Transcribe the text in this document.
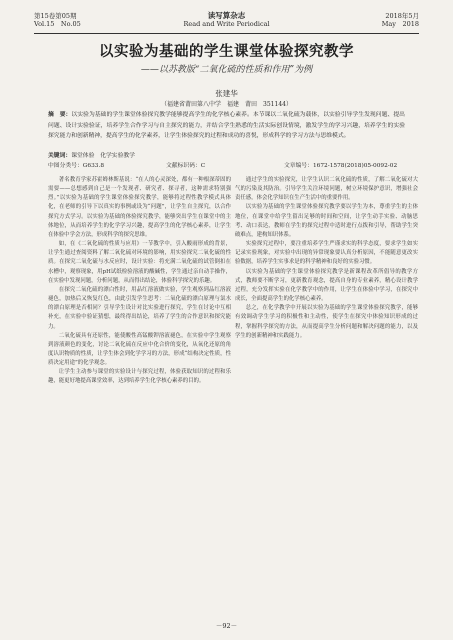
第15卷第05期
Vol.15　No.05
读写算杂志
Read and Write Periodical
2018年5月
May　2018
以实验为基础的学生课堂体验探究教学
——以苏教版“二氧化硫的性质和作用”为例
张建华
（福建省莆田第八中学　福建　莆田　351144）
摘　要：以实验为基础的学生课堂体验探究教学能够提高学生的化学核心素养。本节课以二氧化硫为载体，以实验引导学生发现问题、提出问题、设计实验验证，培养学生合作学习与自主探究的能力，并结合学生熟悉的生活实际创设情境，激发学生的学习兴趣，培养学生的实验探究能力和创新精神，提高学生的化学素养，让学生体验探究的过程和成功的喜悦，形成科学的学习方法与思维模式。
关键词：课堂体验　化学实验教学
中图分类号：G633.8	文献标识码：C	文章编号：1672-1578(2018)05-0092-02

著名教育学家苏霍姆林斯基说：“在人的心灵深处，都有一种根深蒂固的需要——总想感到自己是一个发现者、研究者、探寻者，这种需求特别强烈。”以实验为基础的学生课堂体验探究教学，能够将过程性教学模式具体化，在老师的引导下以真实的事例或设为“问题”，让学生自主探究，以合作探究方式学习。以实验为基础的体验探究教学，能够突出学生在课堂中的主体地位，从而培养学生的化学学习兴趣，提高学生的化学核心素养，让学生在体验中学会方法，形成科学的探究思维。

如，在《二氧化硫的性质与应用》一节教学中，引入酸雨形成的背景，让学生通过查阅资料了解二氧化硫对环境的影响，用实验探究二氧化硫的性质。在探究二氧化硫与水反应时，设计实验：将充满二氧化硫的试管倒扣在水槽中，观察现象，用pH试纸检验溶液的酸碱性，学生通过亲自动手操作，在实验中发现问题，分析问题，从而得出结论，体验科学探究的乐趣。

在探究二氧化硫的漂白性时，用品红溶液做实验，学生观察到品红溶液褪色，加热后又恢复红色，由此引发学生思考：二氧化硫的漂白原理与氯水的漂白原理是否相同？引导学生设计对比实验进行探究，学生在讨论中互相补充，在实验中验证猜想，最终得出结论，培养了学生的合作意识和探究能力。

二氧化硫具有还原性，能使酸性高锰酸钾溶液褪色，在实验中学生观察到溶液颜色的变化，讨论二氧化硫在反应中化合价的变化，从氧化还原的角度认识物质的性质，让学生体会到化学学习的方法，形成“结构决定性质，性质决定用途”的化学观念。

让学生主动参与课堂的实验设计与探究过程，体验获取知识的过程和乐趣，能更好地提高课堂效率，达到培养学生化学核心素养的目的。

通过学生的实验探究，让学生认识二氧化硫的性质，了解二氧化硫对大气的污染及其防治。引导学生关注环境问题，树立环境保护意识，增强社会责任感，体会化学知识在生产生活中的重要作用。

以实验为基础的学生课堂体验探究教学要以学生为本，尊重学生的主体地位，在课堂中给学生留出足够的时间和空间，让学生动手实验、动脑思考、动口表达，教师在学生的探究过程中适时进行点拨和引导，帮助学生突破难点，建构知识体系。

实验探究过程中，要注重培养学生严谨求实的科学态度，要求学生如实记录实验现象，对实验中出现的异常现象要认真分析原因，不能随意更改实验数据，培养学生实事求是的科学精神和良好的实验习惯。

以实验为基础的学生课堂体验探究教学是新课程改革所倡导的教学方式，教师要不断学习，更新教育观念，提高自身的专业素养，精心设计教学过程，充分发挥实验在化学教学中的作用，让学生在体验中学习，在探究中成长，全面提高学生的化学核心素养。

总之，在化学教学中开展以实验为基础的学生课堂体验探究教学，能够有效调动学生学习的积极性和主动性，使学生在探究中体验知识形成的过程，掌握科学探究的方法，从而提高学生分析问题和解决问题的能力，以及学生的创新精神和实践能力。

－92－
